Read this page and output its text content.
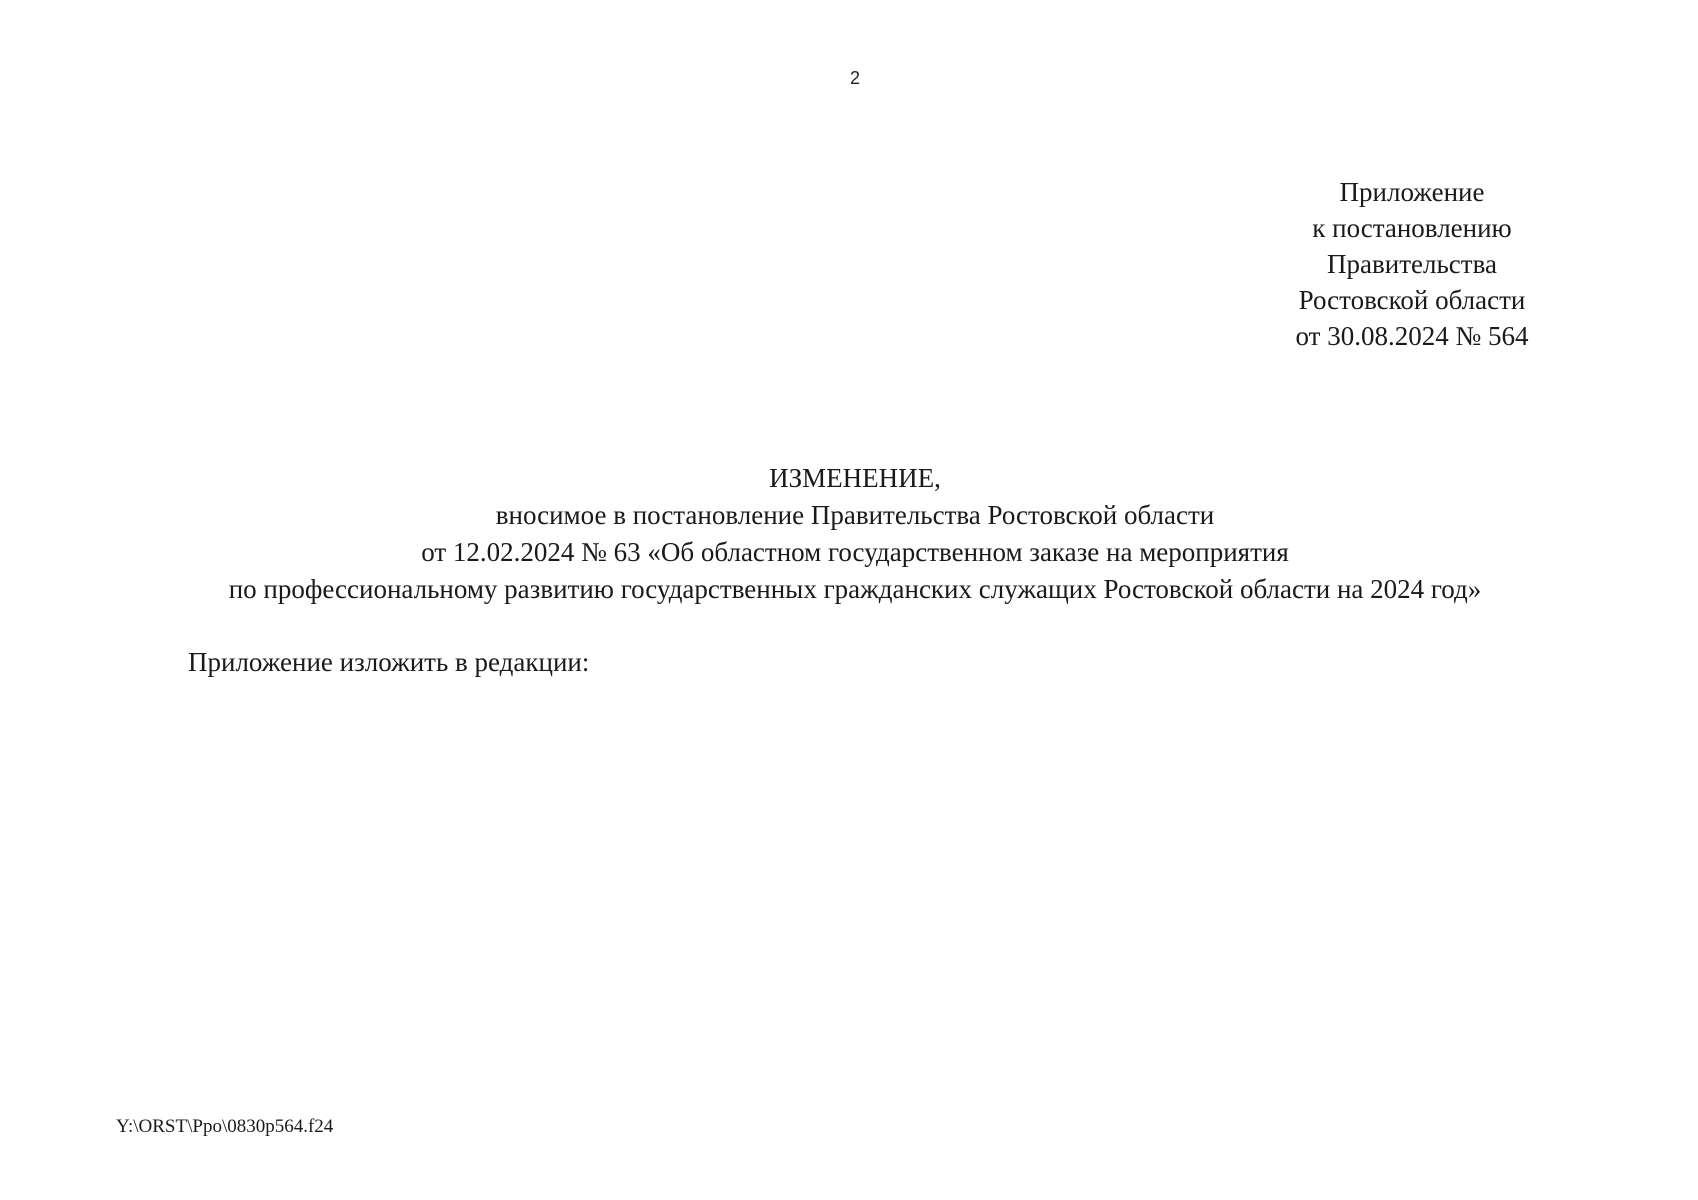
2
Приложение
к постановлению
Правительства
Ростовской области
от 30.08.2024 № 564
ИЗМЕНЕНИЕ,
вносимое в постановление Правительства Ростовской области
от 12.02.2024 № 63 «Об областном государственном заказе на мероприятия
по профессиональному развитию государственных гражданских служащих Ростовской области на 2024 год»
Приложение изложить в редакции:
Y:\ORST\Ppo\0830p564.f24
